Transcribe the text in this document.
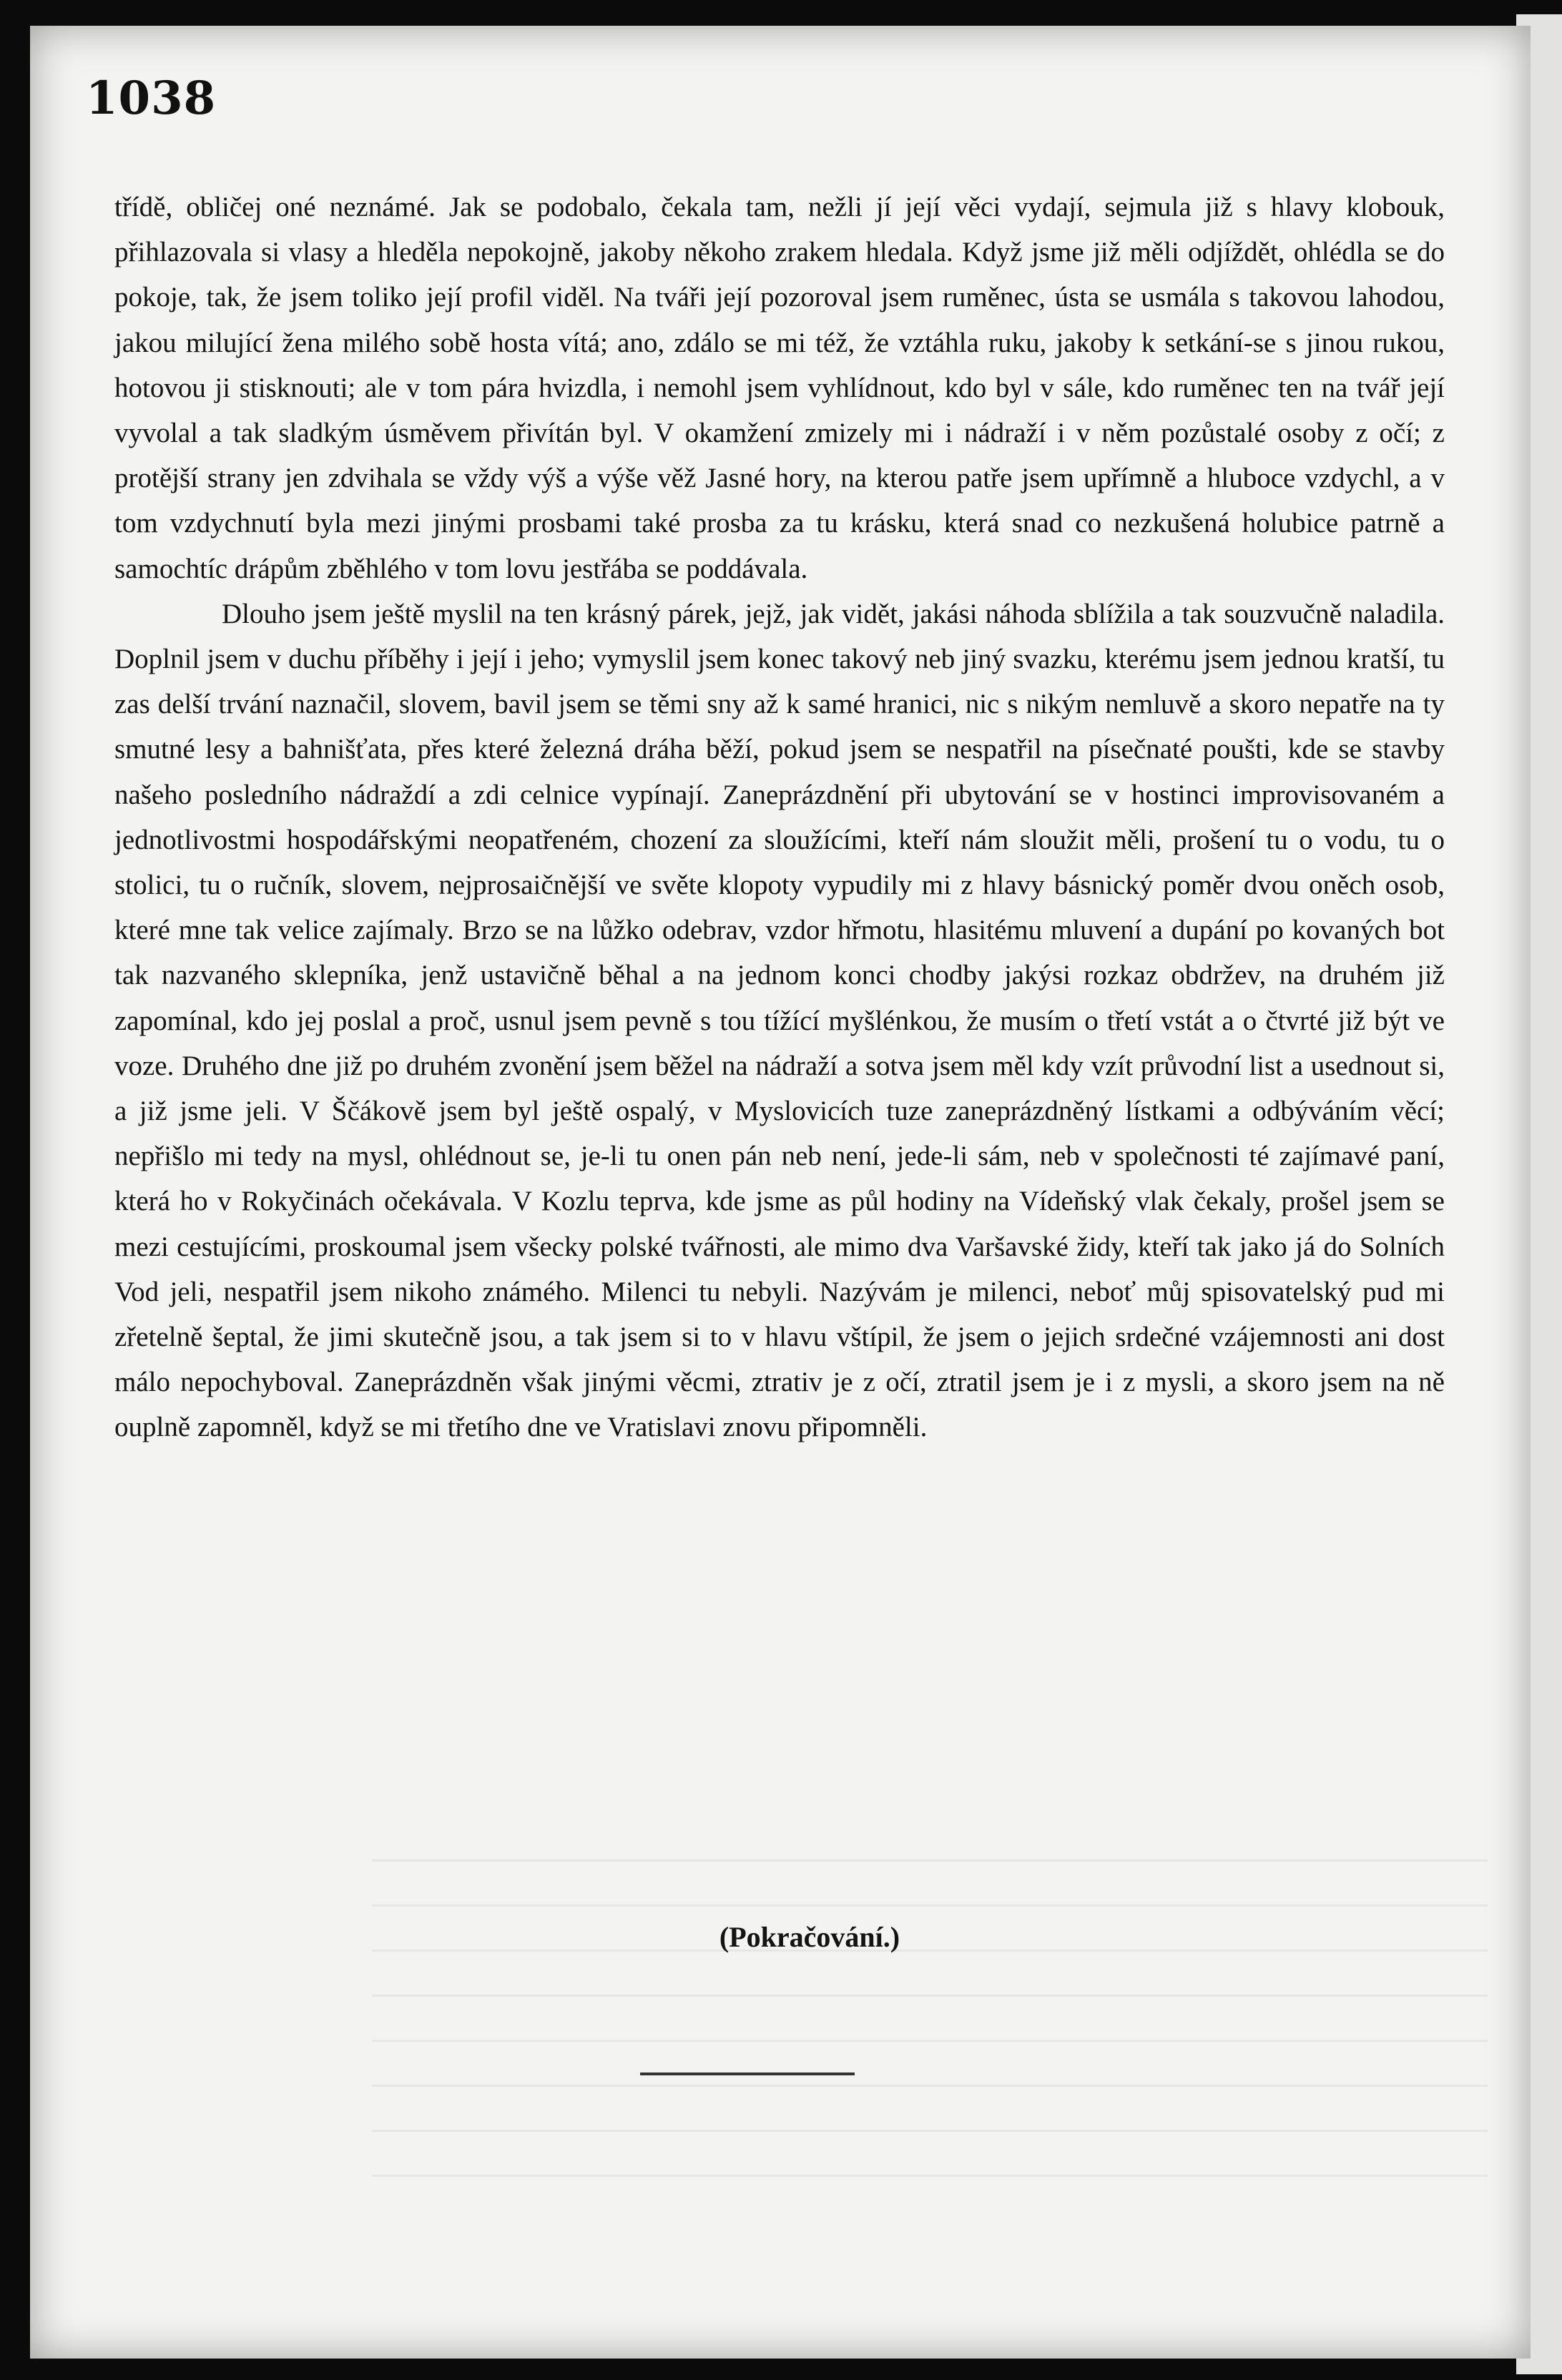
1038

třídě, obličej oné neznámé. Jak se podobalo, čekala tam, nežli jí její věci vydají, sejmula již s hlavy klobouk, přihlazovala si vlasy a hleděla nepokojně, jakoby někoho zrakem hledala. Když jsme již měli odjíždět, ohlédla se do pokoje, tak, že jsem toliko její profil viděl. Na tváři její pozoroval jsem ruměnec, ústa se usmála s takovou lahodou, jakou milující žena milého sobě hosta vítá; ano, zdálo se mi též, že vztáhla ruku, jakoby k setkání-se s jinou rukou, hotovou ji stisknouti; ale v tom pára hvizdla, i nemohl jsem vyhlídnout, kdo byl v sále, kdo ruměnec ten na tvář její vyvolal a tak sladkým úsměvem přivítán byl. V okamžení zmizely mi i nádraží i v něm pozůstalé osoby z očí; z protější strany jen zdvihala se vždy výš a výše věž Jasné hory, na kterou patře jsem upřímně a hluboce vzdychl, a v tom vzdychnutí byla mezi jinými prosbami také prosba za tu krásku, která snad co nezkušená holubice patrně a samochtíc drápům zběhlého v tom lovu jestřába se poddávala.

Dlouho jsem ještě myslil na ten krásný párek, jejž, jak vidět, jakási náhoda sblížila a tak souzvučně naladila. Doplnil jsem v duchu příběhy i její i jeho; vymyslil jsem konec takový neb jiný svazku, kterému jsem jednou kratší, tu zas delší trvání naznačil, slovem, bavil jsem se těmi sny až k samé hranici, nic s nikým nemluvě a skoro nepatře na ty smutné lesy a bahnišťata, přes které železná dráha běží, pokud jsem se nespatřil na písečnaté poušti, kde se stavby našeho posledního nádraždí a zdi celnice vypínají. Zaneprázdnění při ubytování se v hostinci improvisovaném a jednotlivostmi hospodářskými neopatřeném, chození za sloužícími, kteří nám sloužit měli, prošení tu o vodu, tu o stolici, tu o ručník, slovem, nejprosaičnější ve světe klopoty vypudily mi z hlavy básnický poměr dvou oněch osob, které mne tak velice zajímaly. Brzo se na lůžko odebrav, vzdor hřmotu, hlasitému mluvení a dupání po kovaných bot tak nazvaného sklepníka, jenž ustavičně běhal a na jednom konci chodby jakýsi rozkaz obdržev, na druhém již zapomínal, kdo jej poslal a proč, usnul jsem pevně s tou tížící myšlénkou, že musím o třetí vstát a o čtvrté již být ve voze. Druhého dne již po druhém zvonění jsem běžel na nádraží a sotva jsem měl kdy vzít průvodní list a usednout si, a již jsme jeli. V Ščákově jsem byl ještě ospalý, v Myslovicích tuze zaneprázdněný lístkami a odbýváním věcí; nepřišlo mi tedy na mysl, ohlédnout se, je-li tu onen pán neb není, jede-li sám, neb v společnosti té zajímavé paní, která ho v Rokyčinách očekávala. V Kozlu teprva, kde jsme as půl hodiny na Vídeňský vlak čekaly, prošel jsem se mezi cestujícími, proskoumal jsem všecky polské tvářnosti, ale mimo dva Varšavské židy, kteří tak jako já do Solních Vod jeli, nespatřil jsem nikoho známého. Milenci tu nebyli. Nazývám je milenci, neboť můj spisovatelský pud mi zřetelně šeptal, že jimi skutečně jsou, a tak jsem si to v hlavu vštípil, že jsem o jejich srdečné vzájemnosti ani dost málo nepochyboval. Zaneprázdněn však jinými věcmi, ztrativ je z očí, ztratil jsem je i z mysli, a skoro jsem na ně ouplně zapomněl, když se mi třetího dne ve Vratislavi znovu připomněli.

(Pokračování.)
